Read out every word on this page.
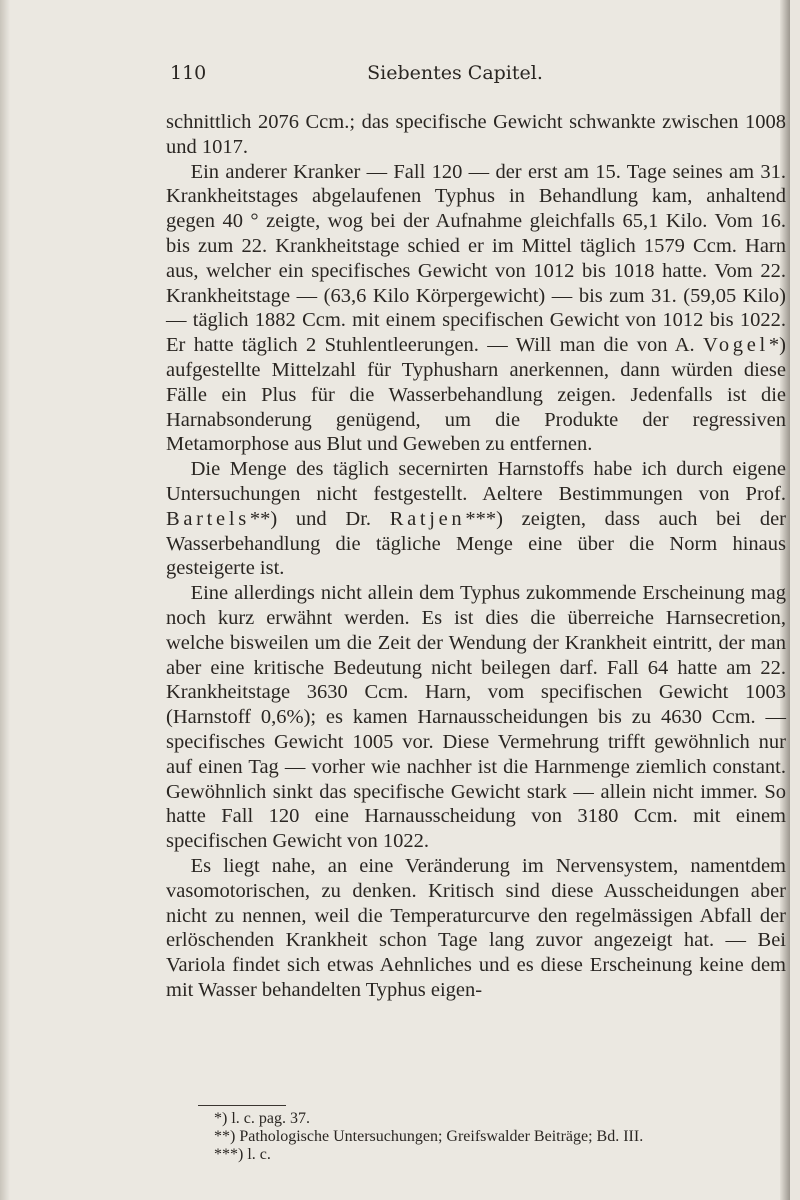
110	Siebentes Capitel.

schnittlich 2076 Ccm.; das specifische Gewicht schwankte zwischen 1008 und 1017.

Ein anderer Kranker — Fall 120 — der erst am 15. Tage seines am 31. Krankheitstages abgelaufenen Typhus in Behandlung kam, anhaltend gegen 40 ° zeigte, wog bei der Aufnahme gleichfalls 65,1 Kilo. Vom 16. bis zum 22. Krankheitstage schied er im Mittel täglich 1579 Ccm. Harn aus, welcher ein specifisches Gewicht von 1012 bis 1018 hatte. Vom 22. Krankheitstage — (63,6 Kilo Körpergewicht) — bis zum 31. (59,05 Kilo) — täglich 1882 Ccm. mit einem specifischen Gewicht von 1012 bis 1022. Er hatte täglich 2 Stuhlentleerungen. — Will man die von A. Vogel*) aufgestellte Mittelzahl für Typhusharn anerkennen, dann würden diese Fälle ein Plus für die Wasserbehandlung zeigen. Jedenfalls ist die Harnabsonderung genügend, um die Produkte der regressiven Metamorphose aus Blut und Geweben zu entfernen.

Die Menge des täglich secernirten Harnstoffs habe ich durch eigene Untersuchungen nicht festgestellt. Aeltere Bestimmungen von Prof. Bartels**) und Dr. Ratjen***) zeigten, dass auch bei der Wasserbehandlung die tägliche Menge eine über die Norm hinaus gesteigerte ist.

Eine allerdings nicht allein dem Typhus zukommende Erscheinung mag noch kurz erwähnt werden. Es ist dies die überreiche Harnsecretion, welche bisweilen um die Zeit der Wendung der Krankheit eintritt, der man aber eine kritische Bedeutung nicht beilegen darf. Fall 64 hatte am 22. Krankheitstage 3630 Ccm. Harn, vom specifischen Gewicht 1003 (Harnstoff 0,6%); es kamen Harnausscheidungen bis zu 4630 Ccm. — specifisches Gewicht 1005 vor. Diese Vermehrung trifft gewöhnlich nur auf einen Tag — vorher wie nachher ist die Harnmenge ziemlich constant. Gewöhnlich sinkt das specifische Gewicht stark — allein nicht immer. So hatte Fall 120 eine Harnausscheidung von 3180 Ccm. mit einem specifischen Gewicht von 1022.

Es liegt nahe, an eine Veränderung im Nervensystem, namentdem vasomotorischen, zu denken. Kritisch sind diese Ausscheidungen aber nicht zu nennen, weil die Temperaturcurve den regelmässigen Abfall der erlöschenden Krankheit schon Tage lang zuvor angezeigt hat. — Bei Variola findet sich etwas Aehnliches und es diese Erscheinung keine dem mit Wasser behandelten Typhus eigen-

*) l. c. pag. 37.
**) Pathologische Untersuchungen; Greifswalder Beiträge; Bd. III.
***) l. c.
